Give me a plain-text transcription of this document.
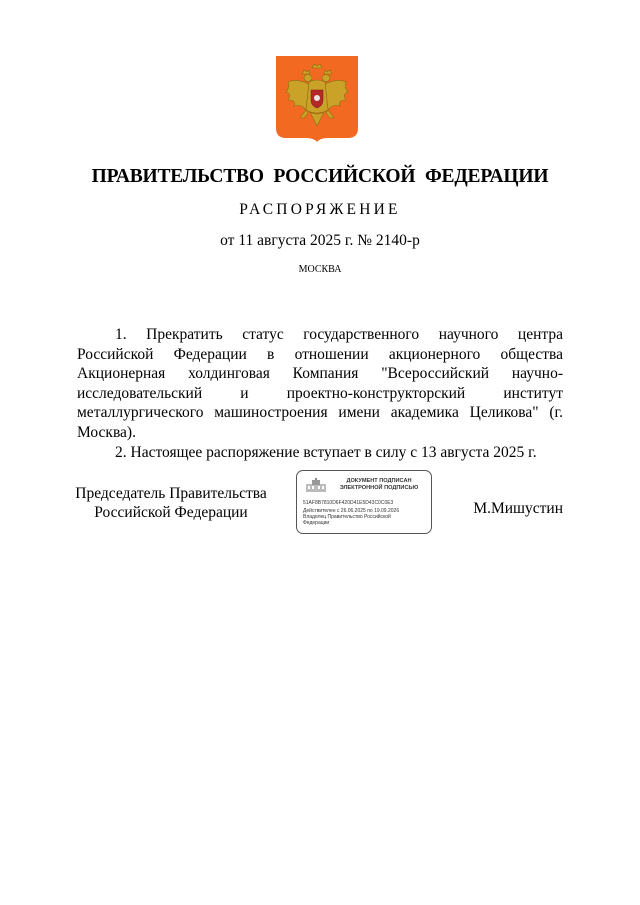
ПРАВИТЕЛЬСТВО РОССИЙСКОЙ ФЕДЕРАЦИИ
РАСПОРЯЖЕНИЕ
от 11 августа 2025 г. № 2140-р
МОСКВА

1. Прекратить статус государственного научного центра Российской Федерации в отношении акционерного общества Акционерная холдинговая Компания "Всероссийский научно-исследовательский и проектно-конструкторский институт металлургического машиностроения имени академика Целикова" (г. Москва).

2. Настоящее распоряжение вступает в силу с 13 августа 2025 г.

Председатель Правительства
Российской Федерации
ДОКУМЕНТ ПОДПИСАН
ЭЛЕКТРОННОЙ ПОДПИСЬЮ
51AF8B7810D6F420D41E5D43C0C0E3
Действителен с 26.06.2025 по 19.09.2026
Владелец Правительство Российской
Федерации
М.Мишустин
